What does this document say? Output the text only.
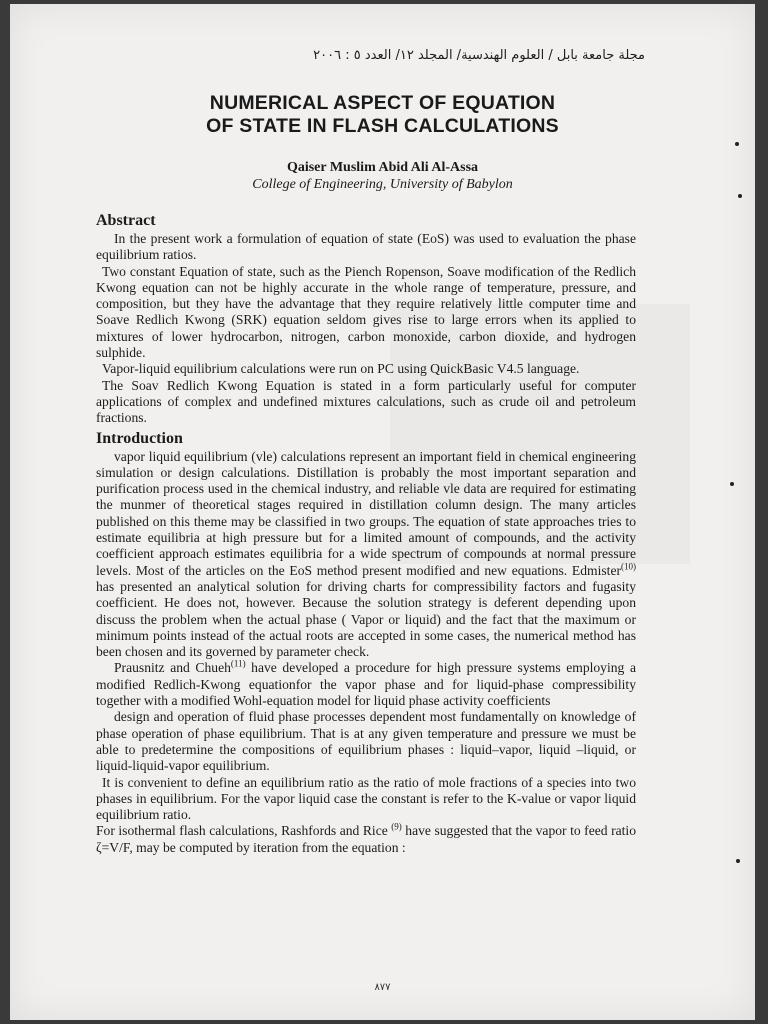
مجلة جامعة بابل / العلوم الهندسية/ المجلد ١٢/ العدد ٥ : ٢٠٠٦
NUMERICAL ASPECT OF EQUATION
OF STATE IN FLASH CALCULATIONS
Qaiser Muslim Abid Ali Al-Assa
College of Engineering, University of Babylon
Abstract

In the present work a formulation of equation of state (EoS) was used to evaluation the phase equilibrium ratios.

Two constant Equation of state, such as the Piench Ropenson, Soave modification of the Redlich Kwong equation can not be highly accurate in the whole range of temperature, pressure, and composition, but they have the advantage that they require relatively little computer time and Soave Redlich Kwong (SRK) equation seldom gives rise to large errors when its applied to mixtures of lower hydrocarbon, nitrogen, carbon monoxide, carbon dioxide, and hydrogen sulphide.

Vapor-liquid equilibrium calculations were run on PC using QuickBasic V4.5 language.

The Soav Redlich Kwong Equation is stated in a form particularly useful for computer applications of complex and undefined mixtures calculations, such as crude oil and petroleum fractions.

Introduction

vapor liquid equilibrium (vle) calculations represent an important field in chemical engineering simulation or design calculations. Distillation is probably the most important separation and purification process used in the chemical industry, and reliable vle data are required for estimating the munmer of theoretical stages required in distillation column design. The many articles published on this theme may be classified in two groups. The equation of state approaches tries to estimate equilibria at high pressure but for a limited amount of compounds, and the activity coefficient approach estimates equilibria for a wide spectrum of compounds at normal pressure levels. Most of the articles on the EoS method present modified and new equations. Edmister$^{(10)}$ has presented an analytical solution for driving charts for compressibility factors and fugasity coefficient. He does not, however. Because the solution strategy is deferent depending upon discuss the problem when the actual phase ( Vapor or liquid) and the fact that the maximum or minimum points instead of the actual roots are accepted in some cases, the numerical method has been chosen and its governed by parameter check.

Prausnitz and Chueh$^{(11)}$ have developed a procedure for high pressure systems employing a modified Redlich-Kwong equationfor the vapor phase and for liquid-phase compressibility together with a modified Wohl-equation model for liquid phase activity coefficients

design and operation of fluid phase processes dependent most fundamentally on knowledge of phase operation of phase equilibrium. That is at any given temperature and pressure we must be able to predetermine the compositions of equilibrium phases : liquid–vapor, liquid –liquid, or liquid-liquid-vapor equilibrium.

It is convenient to define an equilibrium ratio as the ratio of mole fractions of a species into two phases in equilibrium. For the vapor liquid case the constant is refer to the K-value or vapor liquid equilibrium ratio.

For isothermal flash calculations, Rashfords and Rice $^{(9)}$ have suggested that the vapor to feed ratio ζ=V/F, may be computed by iteration from the equation :

٨٧٧
